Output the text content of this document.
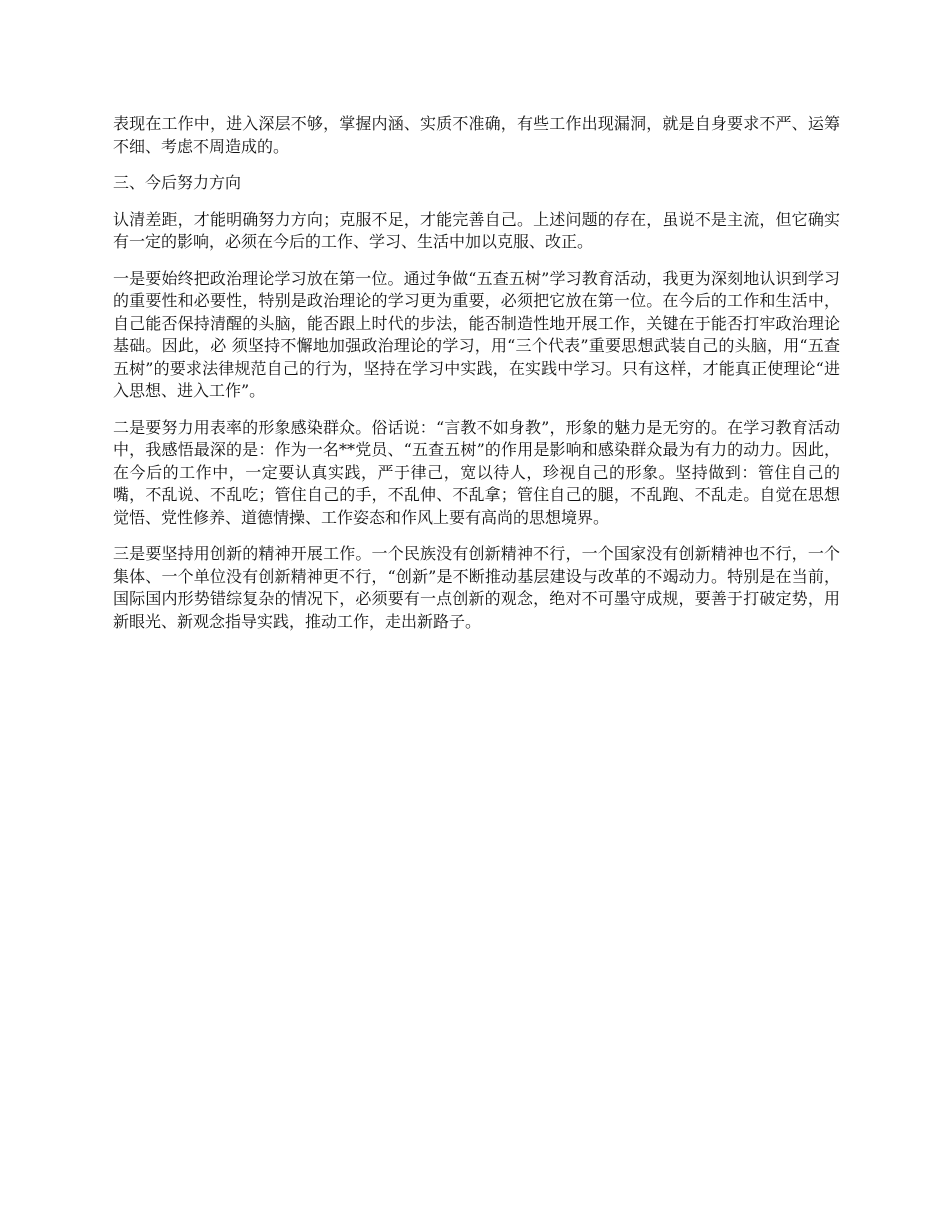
表现在工作中，进入深层不够，掌握内涵、实质不准确，有些工作出现漏洞，就是自身要求不严、运筹不细、考虑不周造成的。

三、今后努力方向

认清差距，才能明确努力方向；克服不足，才能完善自己。上述问题的存在，虽说不是主流，但它确实有一定的影响，必须在今后的工作、学习、生活中加以克服、改正。

一是要始终把政治理论学习放在第一位。通过争做“五查五树”学习教育活动，我更为深刻地认识到学习的重要性和必要性，特别是政治理论的学习更为重要，必须把它放在第一位。在今后的工作和生活中，自己能否保持清醒的头脑，能否跟上时代的步法，能否制造性地开展工作，关键在于能否打牢政治理论基础。因此，必 须坚持不懈地加强政治理论的学习，用“三个代表”重要思想武装自己的头脑，用“五查五树”的要求法律规范自己的行为，坚持在学习中实践，在实践中学习。只有这样，才能真正使理论“进入思想、进入工作”。

二是要努力用表率的形象感染群众。俗话说：“言教不如身教”，形象的魅力是无穷的。在学习教育活动中，我感悟最深的是：作为一名**党员、“五查五树”的作用是影响和感染群众最为有力的动力。因此，在今后的工作中，一定要认真实践，严于律己，宽以待人，珍视自己的形象。坚持做到：管住自己的嘴，不乱说、不乱吃；管住自己的手，不乱伸、不乱拿；管住自己的腿，不乱跑、不乱走。自觉在思想觉悟、党性修养、道德情操、工作姿态和作风上要有高尚的思想境界。

三是要坚持用创新的精神开展工作。一个民族没有创新精神不行，一个国家没有创新精神也不行，一个集体、一个单位没有创新精神更不行，“创新”是不断推动基层建设与改革的不竭动力。特别是在当前，国际国内形势错综复杂的情况下，必须要有一点创新的观念，绝对不可墨守成规，要善于打破定势，用新眼光、新观念指导实践，推动工作，走出新路子。
